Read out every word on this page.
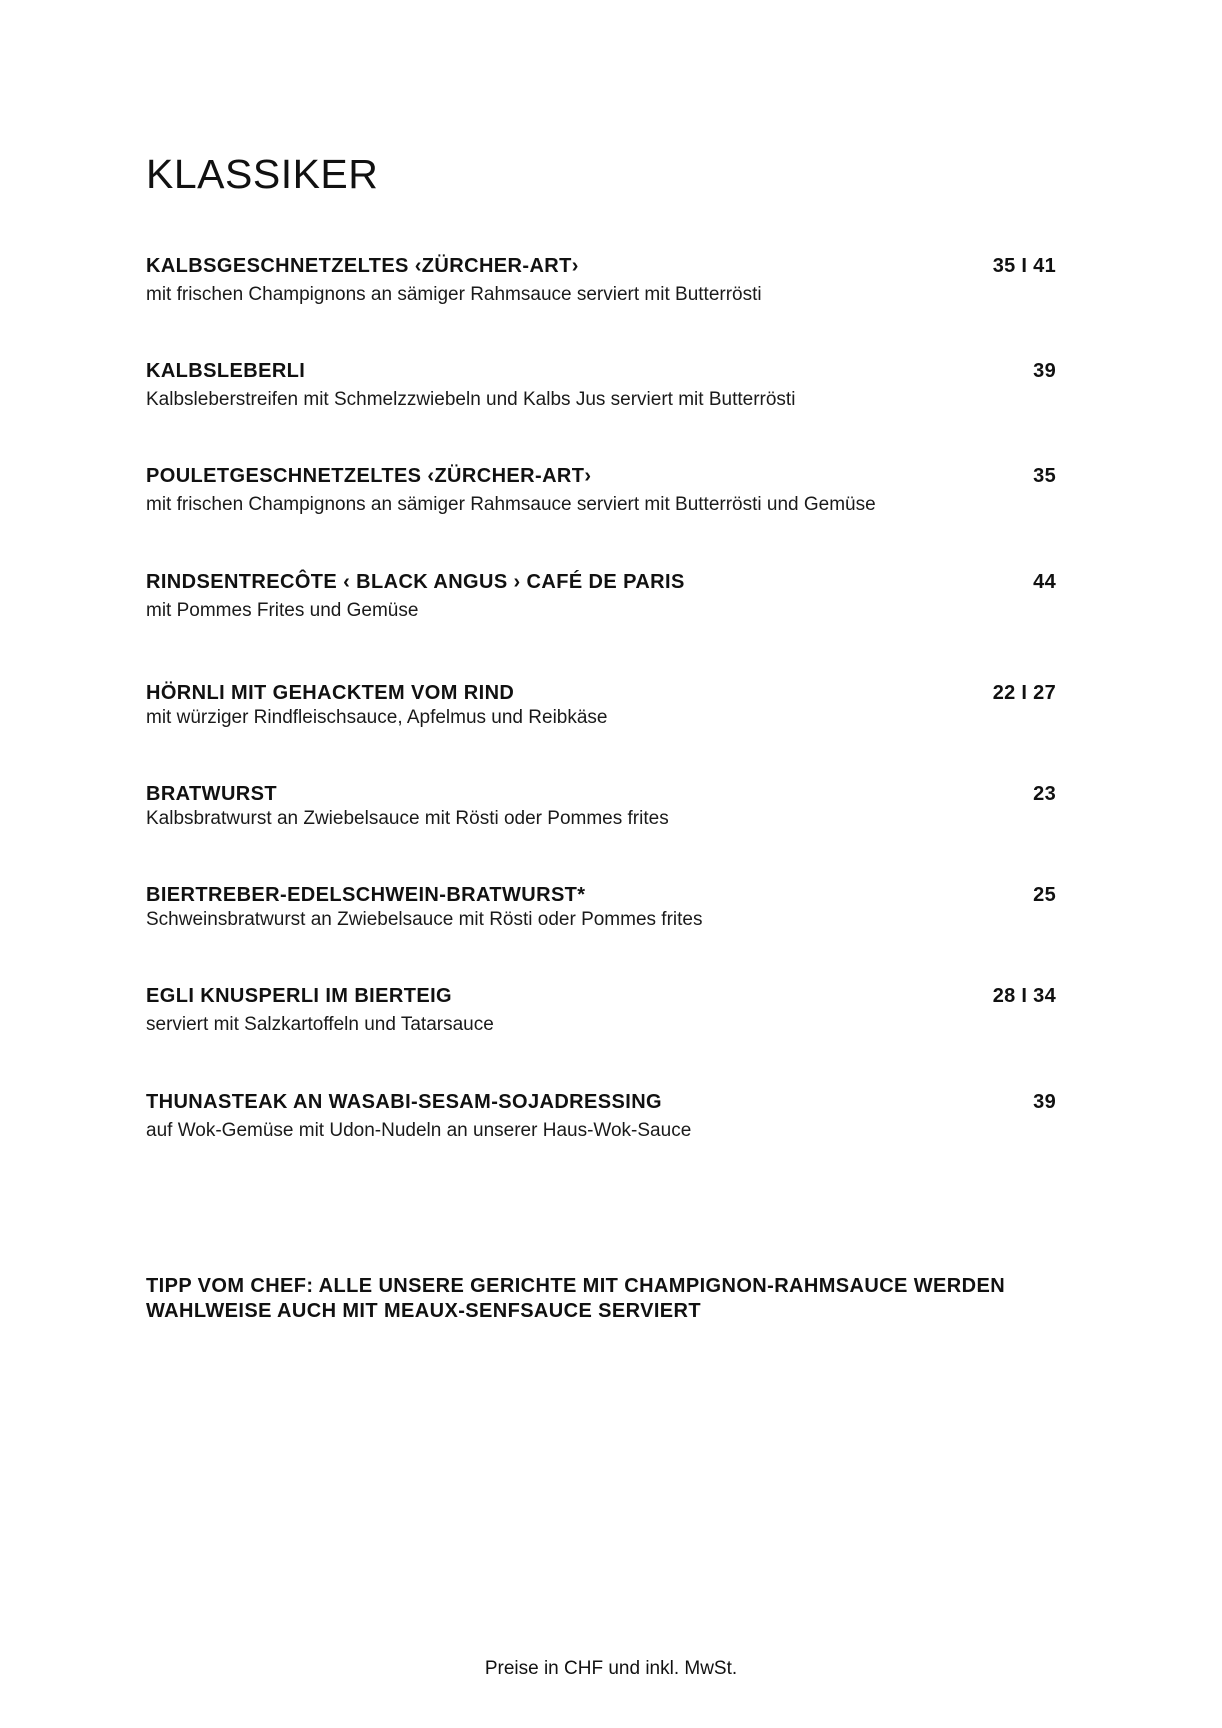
KLASSIKER
KALBSGESCHNETZELTES ‹ZÜRCHER-ART›	35 I 41
mit frischen Champignons an sämiger Rahmsauce serviert mit Butterrösti
KALBSLEBERLI	39
Kalbsleberstreifen mit Schmelzzwiebeln und Kalbs Jus serviert mit Butterrösti
POULETGESCHNETZELTES ‹ZÜRCHER-ART›	35
mit frischen Champignons an sämiger Rahmsauce serviert mit Butterrösti und Gemüse
RINDSENTRECÔTE ‹ BLACK ANGUS › CAFÉ DE PARIS	44
mit Pommes Frites und Gemüse
HÖRNLI MIT GEHACKTEM VOM RIND	22 I 27
mit würziger Rindfleischsauce, Apfelmus und Reibkäse
BRATWURST	23
Kalbsbratwurst an Zwiebelsauce mit Rösti oder Pommes frites
BIERTREBER-EDELSCHWEIN-BRATWURST*	25
Schweinsbratwurst an Zwiebelsauce mit Rösti oder Pommes frites
EGLI KNUSPERLI IM BIERTEIG	28 I 34
serviert mit Salzkartoffeln und Tatarsauce
THUNASTEAK AN WASABI-SESAM-SOJADRESSING	39
auf Wok-Gemüse mit Udon-Nudeln an unserer Haus-Wok-Sauce
TIPP VOM CHEF: ALLE UNSERE GERICHTE MIT CHAMPIGNON-RAHMSAUCE WERDEN WAHLWEISE AUCH MIT MEAUX-SENFSAUCE SERVIERT
Preise in CHF und inkl. MwSt.
